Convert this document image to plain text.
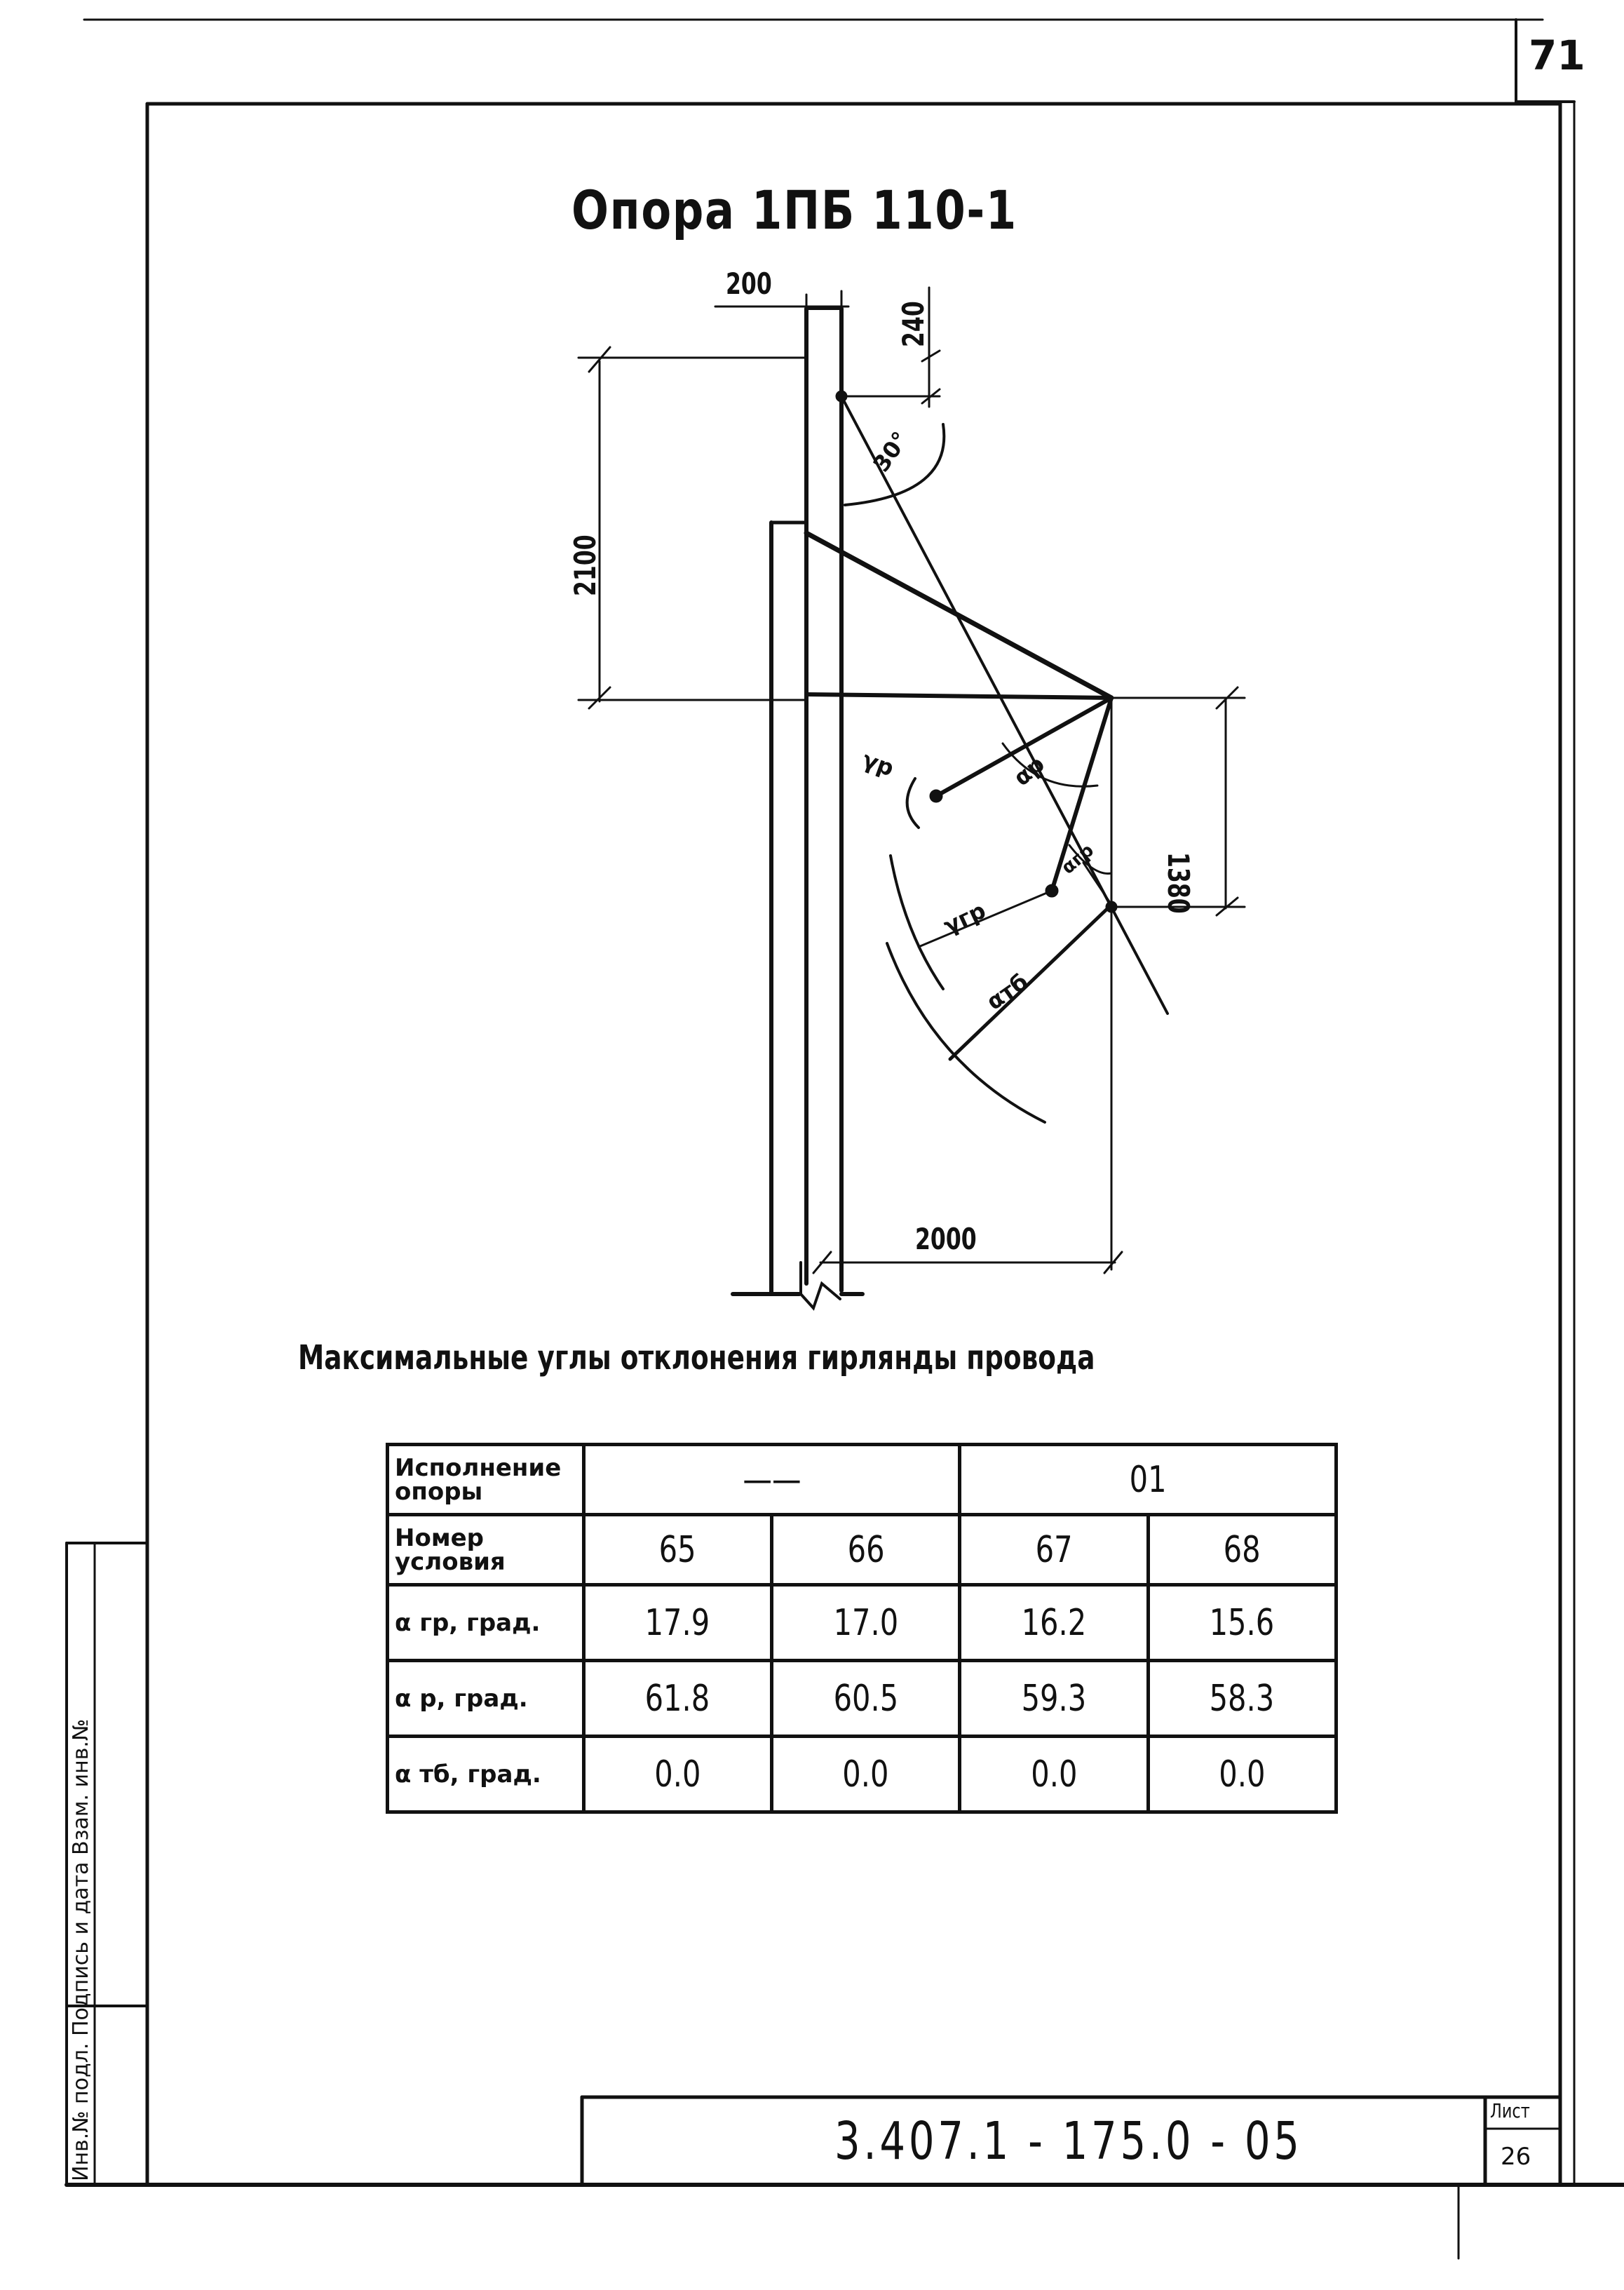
71
Опора 1ПБ 110-1
200
240
2100
1380
2000
30°
γр	αр
γгр
αтб
αгр
Максимальные углы отклонения гирлянды провода
Исполнение опоры	——		01	
Номер условия	65	66	67	68
α гр, град.	17.9	17.0	16.2	15.6
α р, град.	61.8	60.5	59.3	58.3
α тб, град.	0.0	0.0	0.0	0.0
3.407.1 - 175.0 - 05
Лист
26
Инв.№ подл. Подпись и дата Взам. инв.№
